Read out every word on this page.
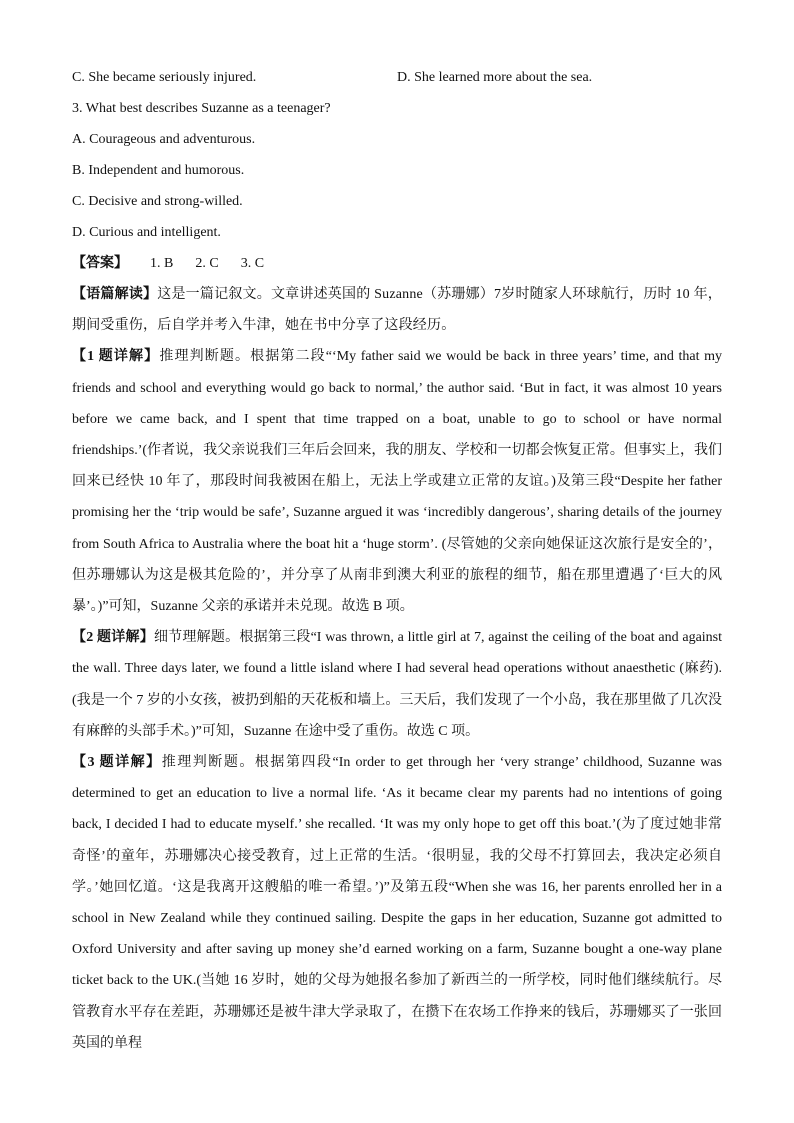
C. She became seriously injured.	D. She learned more about the sea.
3. What best describes Suzanne as a teenager?
A. Courageous and adventurous.
B. Independent and humorous.
C. Decisive and strong-willed.
D. Curious and intelligent.
【答案】 1. B 2. C 3. C

【语篇解读】这是一篇记叙文。文章讲述英国的 Suzanne（苏珊娜）7岁时随家人环球航行，历时 10 年，期间受重伤，后自学并考入牛津，她在书中分享了这段经历。

【1 题详解】推理判断题。根据第二段“‘My father said we would be back in three years’ time, and that my friends and school and everything would go back to normal,’ the author said. ‘But in fact, it was almost 10 years before we came back, and I spent that time trapped on a boat, unable to go to school or have normal friendships.’(作者说，我父亲说我们三年后会回来，我的朋友、学校和一切都会恢复正常。但事实上，我们回来已经快 10 年了，那段时间我被困在船上，无法上学或建立正常的友谊。)及第三段“Despite her father promising her the ‘trip would be safe’, Suzanne argued it was ‘incredibly dangerous’, sharing details of the journey from South Africa to Australia where the boat hit a ‘huge storm’. (尽管她的父亲向她保证这次旅行是安全的’，但苏珊娜认为这是极其危险的’，并分享了从南非到澳大利亚的旅程的细节，船在那里遭遇了‘巨大的风暴’。)”可知，Suzanne 父亲的承诺并未兑现。故选 B 项。

【2 题详解】细节理解题。根据第三段“I was thrown, a little girl at 7, against the ceiling of the boat and against the wall. Three days later, we found a little island where I had several head operations without anaesthetic (麻药).(我是一个 7 岁的小女孩，被扔到船的天花板和墙上。三天后，我们发现了一个小岛，我在那里做了几次没有麻醉的头部手术。)”可知，Suzanne 在途中受了重伤。故选 C 项。

【3 题详解】推理判断题。根据第四段“In order to get through her ‘very strange’ childhood, Suzanne was determined to get an education to live a normal life. ‘As it became clear my parents had no intentions of going back, I decided I had to educate myself.’ she recalled. ‘It was my only hope to get off this boat.’(为了度过她非常奇怪’的童年，苏珊娜决心接受教育，过上正常的生活。‘很明显，我的父母不打算回去，我决定必须自学。’她回忆道。‘这是我离开这艘船的唯一希望。’)”及第五段“When she was 16, her parents enrolled her in a school in New Zealand while they continued sailing. Despite the gaps in her education, Suzanne got admitted to Oxford University and after saving up money she’d earned working on a farm, Suzanne bought a one-way plane ticket back to the UK.(当她 16 岁时，她的父母为她报名参加了新西兰的一所学校，同时他们继续航行。尽管教育水平存在差距，苏珊娜还是被牛津大学录取了，在攒下在农场工作挣来的钱后，苏珊娜买了一张回英国的单程
